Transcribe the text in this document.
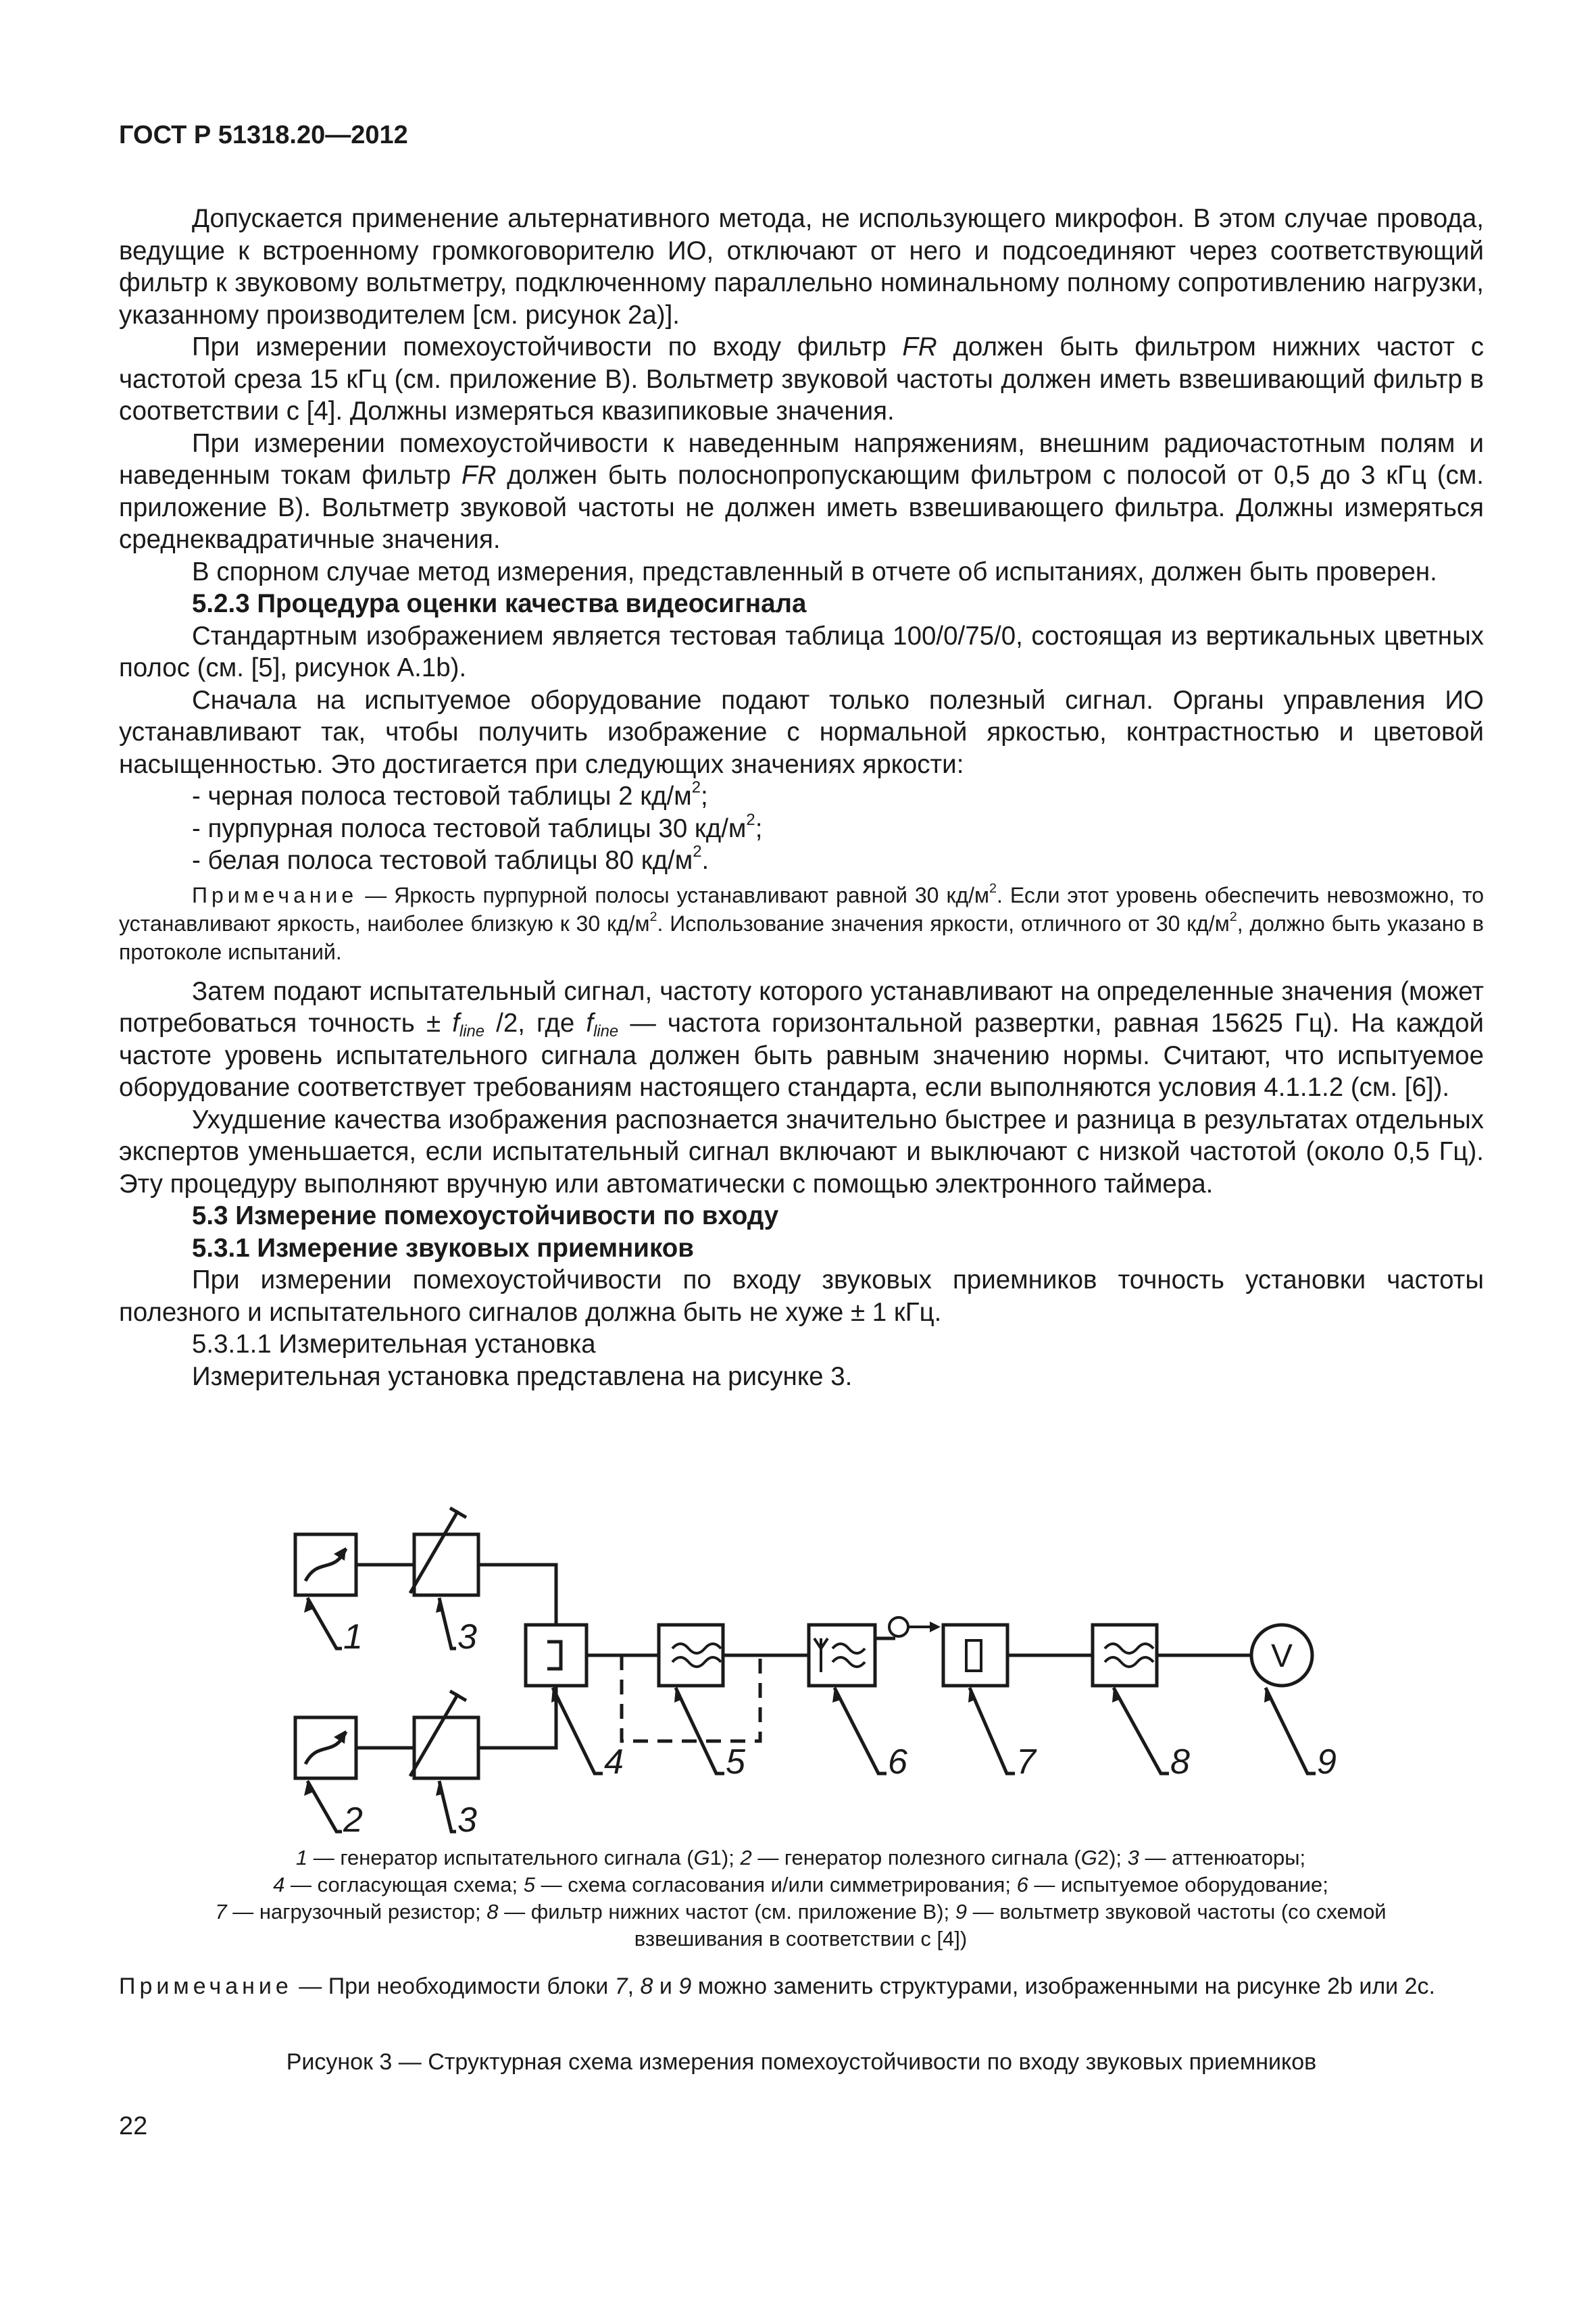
ГОСТ Р 51318.20—2012

Допускается применение альтернативного метода, не использующего микрофон. В этом случае провода, ведущие к встроенному громкоговорителю ИО, отключают от него и подсоединяют через соответствующий фильтр к звуковому вольтметру, подключенному параллельно номинальному полному сопротивлению нагрузки, указанному производителем [см. рисунок 2а)].

При измерении помехоустойчивости по входу фильтр FR должен быть фильтром нижних частот с частотой среза 15 кГц (см. приложение В). Вольтметр звуковой частоты должен иметь взвешивающий фильтр в соответствии с [4]. Должны измеряться квазипиковые значения.

При измерении помехоустойчивости к наведенным напряжениям, внешним радиочастотным полям и наведенным токам фильтр FR должен быть полоснопропускающим фильтром с полосой от 0,5 до 3 кГц (см. приложение В). Вольтметр звуковой частоты не должен иметь взвешивающего фильтра. Должны измеряться среднеквадратичные значения.

В спорном случае метод измерения, представленный в отчете об испытаниях, должен быть проверен.

5.2.3 Процедура оценки качества видеосигнала

Стандартным изображением является тестовая таблица 100/0/75/0, состоящая из вертикальных цветных полос (см. [5], рисунок А.1b).

Сначала на испытуемое оборудование подают только полезный сигнал. Органы управления ИО устанавливают так, чтобы получить изображение с нормальной яркостью, контрастностью и цветовой насыщенностью. Это достигается при следующих значениях яркости:

- черная полоса тестовой таблицы 2 $кд/м^2$;

- пурпурная полоса тестовой таблицы 30 $кд/м^2$;

- белая полоса тестовой таблицы 80 $кд/м^2$.

Примечание — Яркость пурпурной полосы устанавливают равной 30 $кд/м^2$. Если этот уровень обеспечить невозможно, то устанавливают яркость, наиболее близкую к 30 $кд/м^2$. Использование значения яркости, отличного от 30 $кд/м^2$, должно быть указано в протоколе испытаний.

Затем подают испытательный сигнал, частоту которого устанавливают на определенные значения (может потребоваться точность ± $f_{line}$ /2, где $f_{line}$ — частота горизонтальной развертки, равная 15625 Гц). На каждой частоте уровень испытательного сигнала должен быть равным значению нормы. Считают, что испытуемое оборудование соответствует требованиям настоящего стандарта, если выполняются условия 4.1.1.2 (см. [6]).

Ухудшение качества изображения распознается значительно быстрее и разница в результатах отдельных экспертов уменьшается, если испытательный сигнал включают и выключают с низкой частотой (около 0,5 Гц). Эту процедуру выполняют вручную или автоматически с помощью электронного таймера.

5.3 Измерение помехоустойчивости по входу

5.3.1 Измерение звуковых приемников

При измерении помехоустойчивости по входу звуковых приемников точность установки частоты полезного и испытательного сигналов должна быть не хуже ± 1 кГц.

5.3.1.1 Измерительная установка

Измерительная установка представлена на рисунке 3.

1	3
2	3
4	5	6	7	8	9
V
1 — генератор испытательного сигнала (G1); 2 — генератор полезного сигнала (G2); 3 — аттенюаторы;
4 — согласующая схема; 5 — схема согласования и/или симметрирования; 6 — испытуемое оборудование;
7 — нагрузочный резистор; 8 — фильтр нижних частот (см. приложение В); 9 — вольтметр звуковой частоты (со схемой взвешивания в соответствии с [4])
Примечание — При необходимости блоки 7, 8 и 9 можно заменить структурами, изображенными на рисунке 2b или 2c.
Рисунок 3 — Структурная схема измерения помехоустойчивости по входу звуковых приемников
22
